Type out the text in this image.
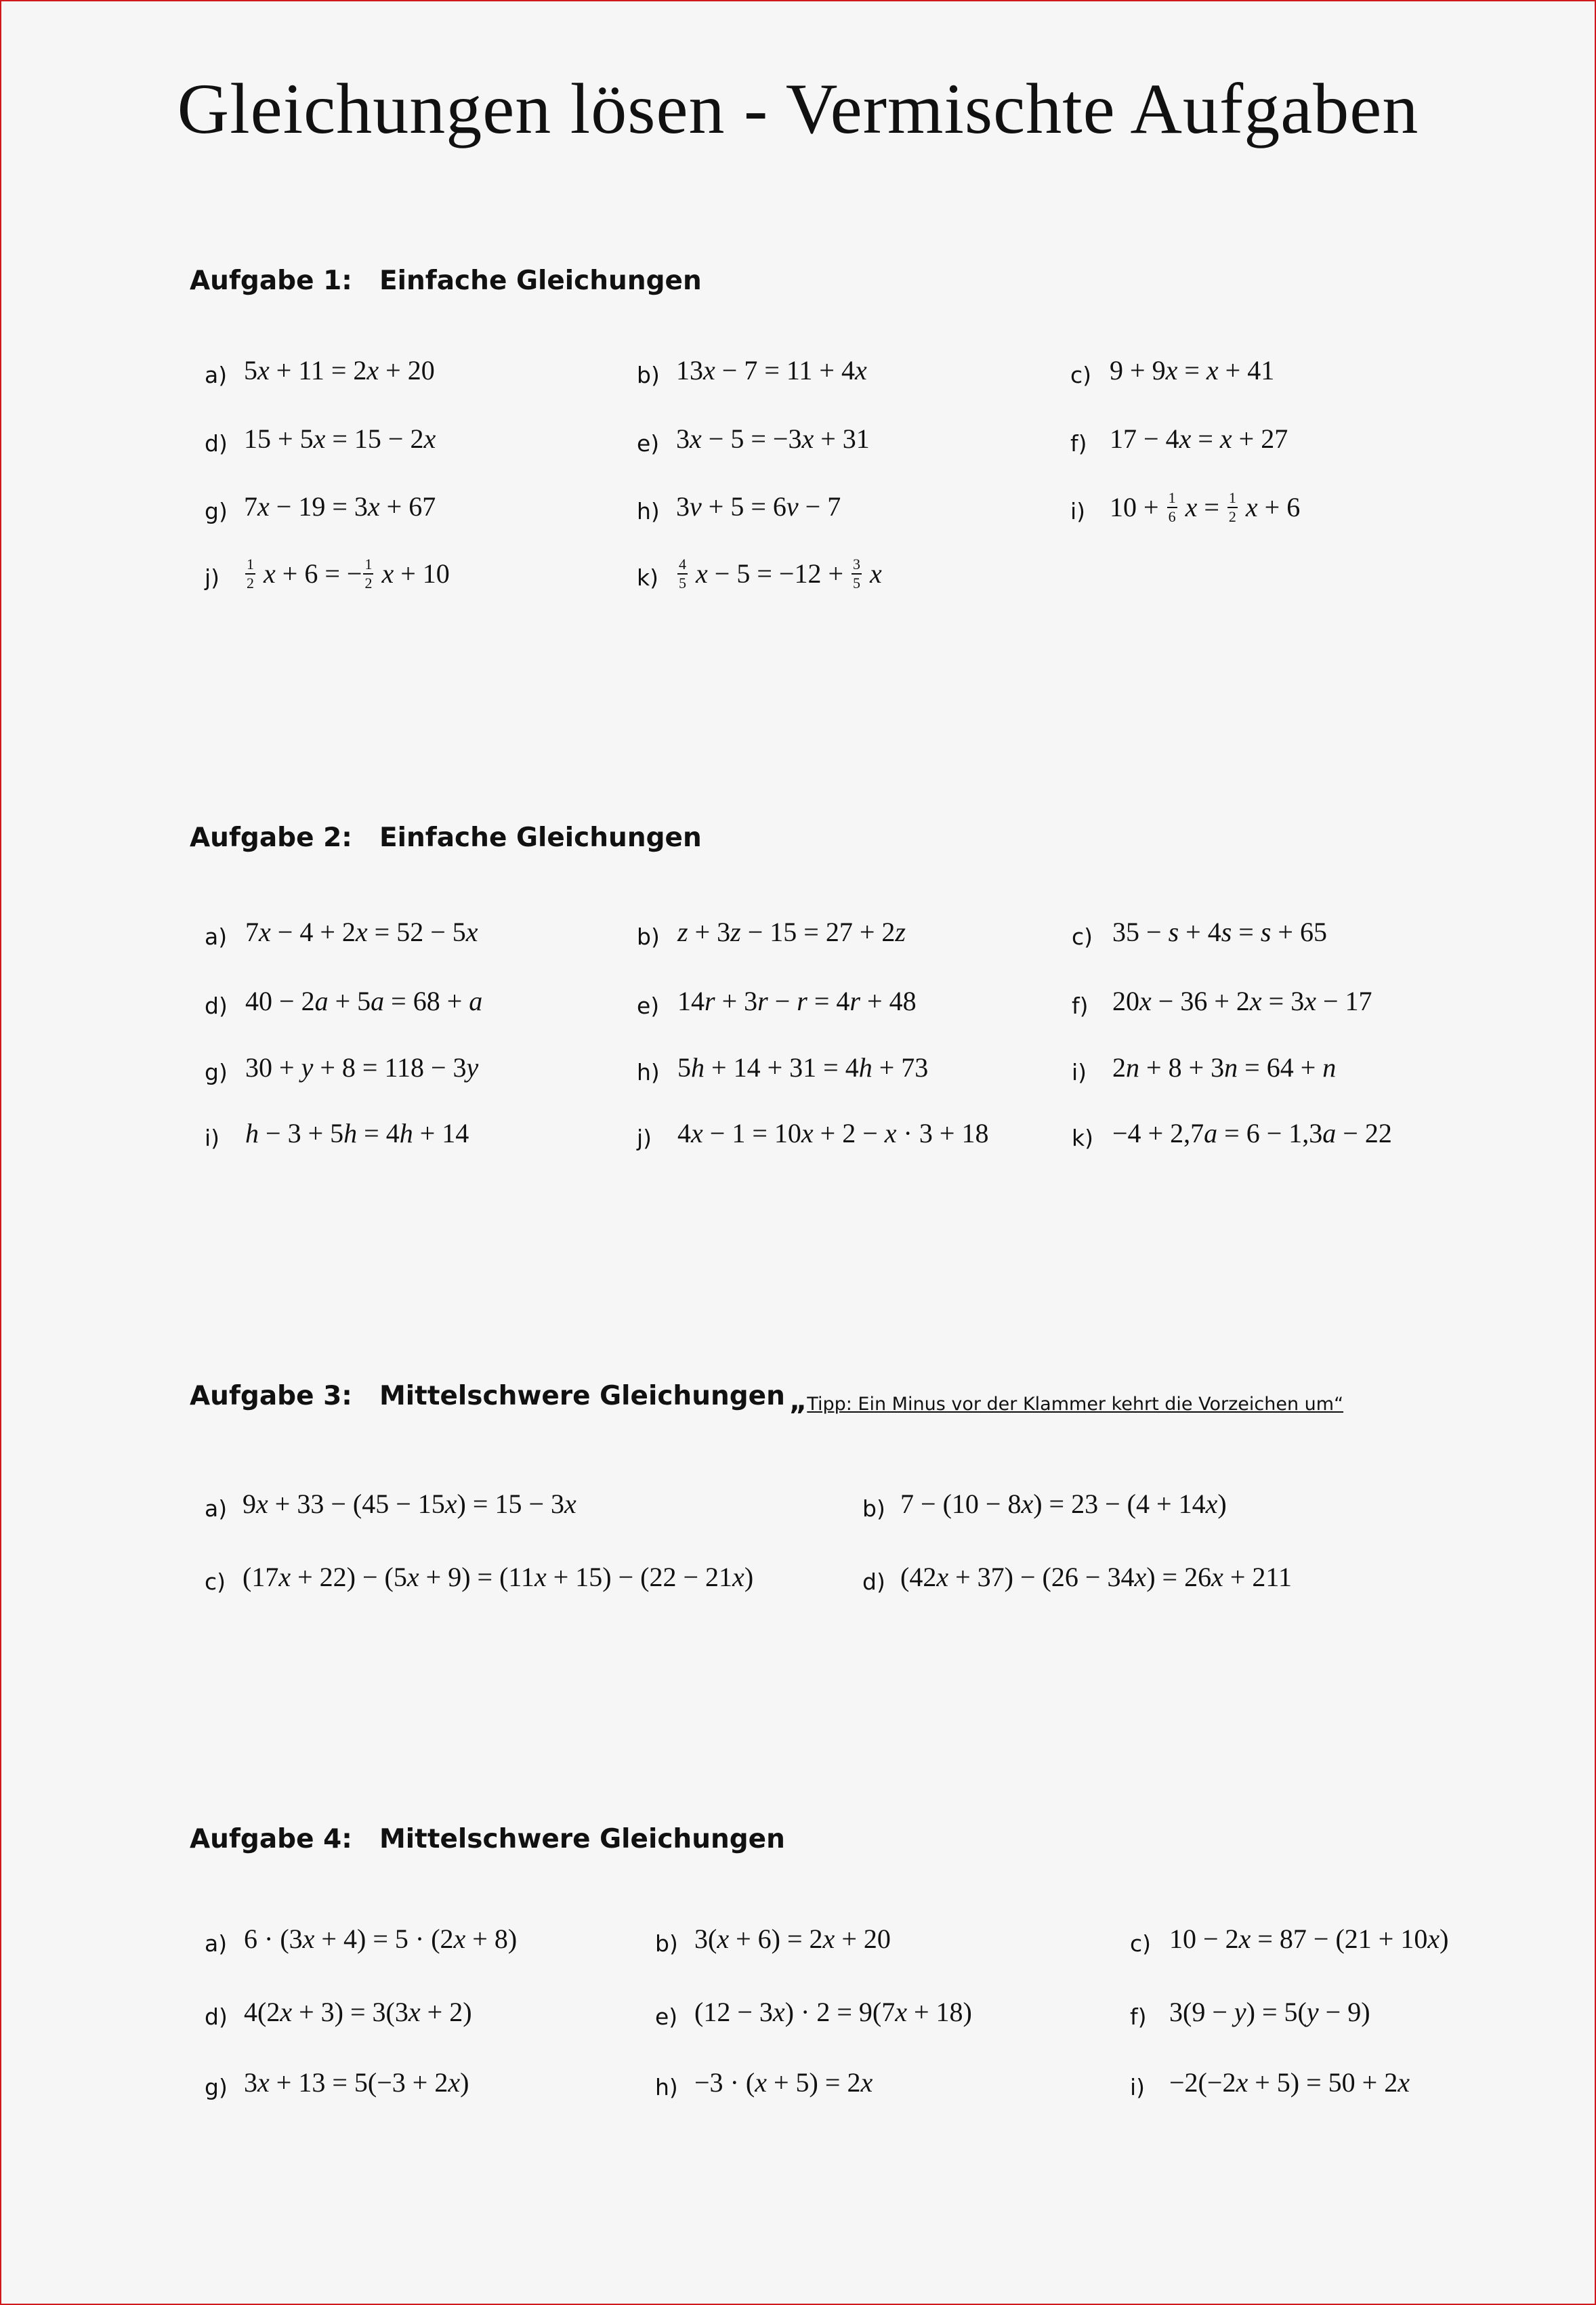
Gleichungen lösen - Vermischte Aufgaben
Aufgabe 1: Einfache Gleichungen
Aufgabe 2: Einfache Gleichungen
Aufgabe 3: Mittelschwere Gleichungen „Tipp: Ein Minus vor der Klammer kehrt die Vorzeichen um“
Aufgabe 4: Mittelschwere Gleichungen
a) 5x + 11 = 2x + 20	b) 13x − 7 = 11 + 4x	c) 9 + 9x = x + 41
d) 15 + 5x = 15 − 2x	e) 3x − 5 = −3x + 31	f) 17 − 4x = x + 27
g) 7x − 19 = 3x + 67	h) 3v + 5 = 6v − 7	i) $10 + \frac{1}{6}$ $x = \frac{1}{2}$ x + 6
$j) \frac{1}{2}$ x + 6 = − $\frac{1}{2}$ x + 10	$k) \frac{4}{5}$ $x - 5 = -12 + \frac{3}{5}$ x
a) 7x − 4 + 2x = 52 − 5x	b) z + 3z − 15 = 27 + 2z	c) 35 − s + 4s = s + 65
d) 40 − 2a + 5a = 68 + a	e) 14r + 3r − r = 4r + 48	f) 20x − 36 + 2x = 3x − 17
g) 30 + y + 8 = 118 − 3y	h) 5h + 14 + 31 = 4h + 73	i) 2n + 8 + 3n = 64 + n
i) h − 3 + 5h = 4h + 14	j) 4x − 1 = 10x + 2 − x · 3 + 18	k) −4 + 2,7a = 6 − 1,3a − 22
a) 9x + 33 − (45 − 15x) = 15 − 3x	b) 7 − (10 − 8x) = 23 − (4 + 14x)
c) (17x + 22) − (5x + 9) = (11x + 15) − (22 − 21x)	d) (42x + 37) − (26 − 34x) = 26x + 211
a) 6 · (3x + 4) = 5 · (2x + 8)	b) 3(x + 6) = 2x + 20	c) 10 − 2x = 87 − (21 + 10x)
d) 4(2x + 3) = 3(3x + 2)	e) (12 − 3x) · 2 = 9(7x + 18)	f) 3(9 − y) = 5(y − 9)
g) 3x + 13 = 5(−3 + 2x)	h) −3 · (x + 5) = 2x	i) −2(−2x + 5) = 50 + 2x
